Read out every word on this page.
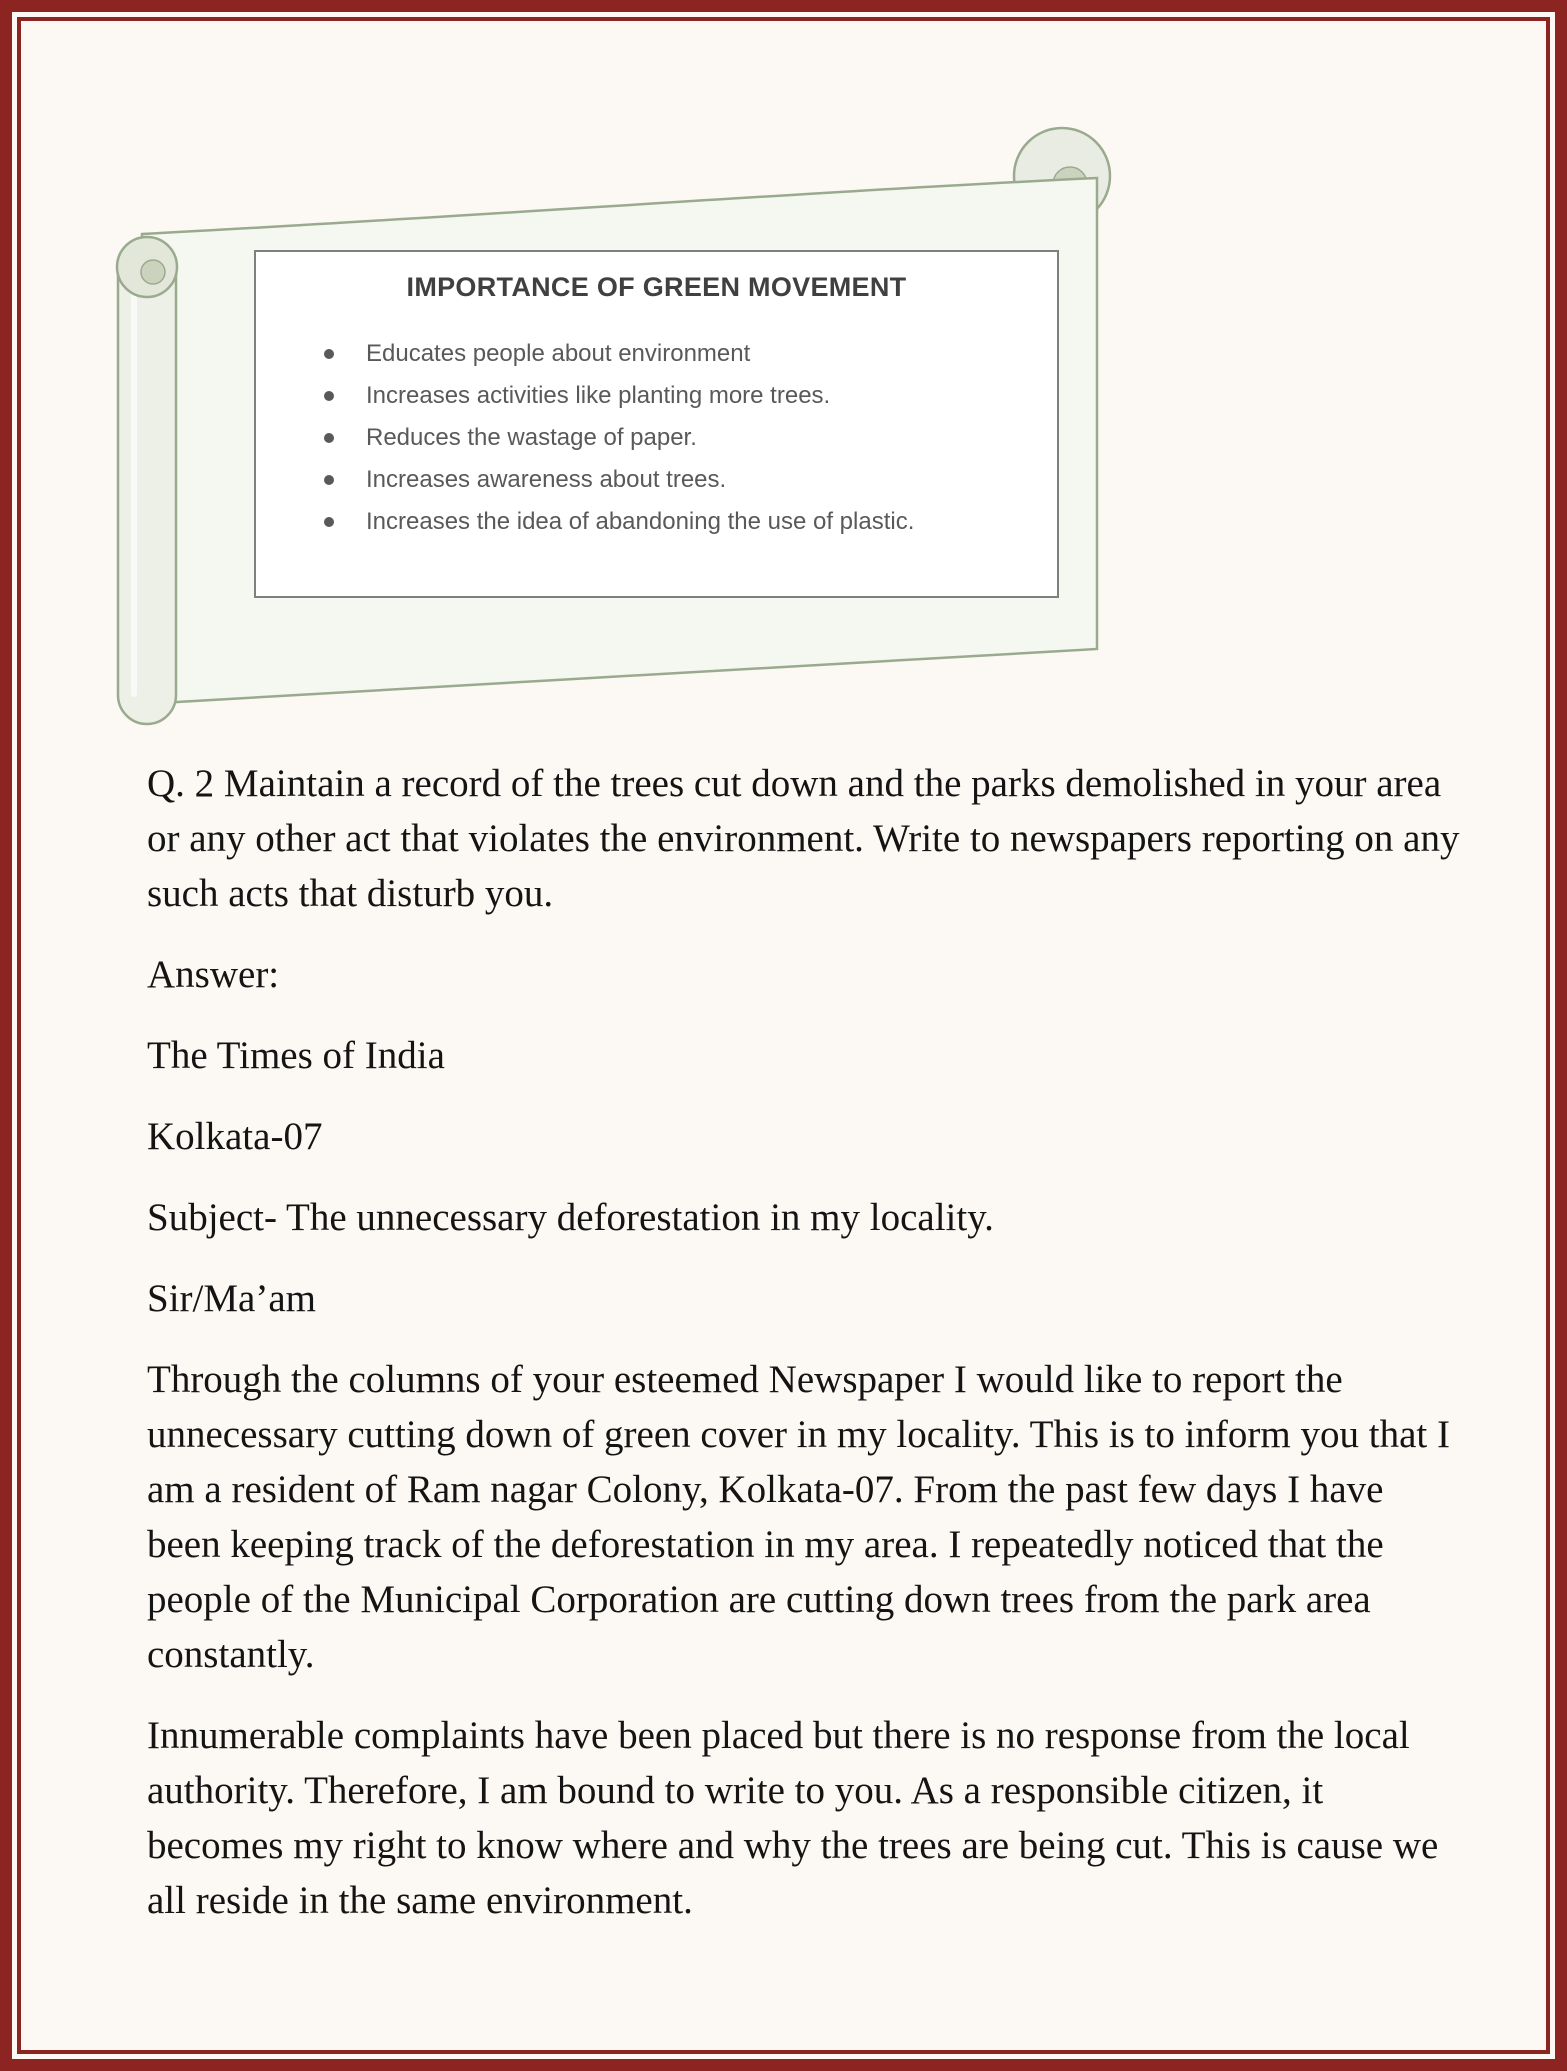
IMPORTANCE OF GREEN MOVEMENT
Educates people about environment
Increases activities like planting more trees.
Reduces the wastage of paper.
Increases awareness about trees.
Increases the idea of abandoning the use of plastic.

Q. 2 Maintain a record of the trees cut down and the parks demolished in your area or any other act that violates the environment. Write to newspapers reporting on any such acts that disturb you.

Answer:

The Times of India

Kolkata-07

Subject- The unnecessary deforestation in my locality.

Sir/Ma’am

Through the columns of your esteemed Newspaper I would like to report the unnecessary cutting down of green cover in my locality. This is to inform you that I am a resident of Ram nagar Colony, Kolkata-07. From the past few days I have been keeping track of the deforestation in my area. I repeatedly noticed that the people of the Municipal Corporation are cutting down trees from the park area constantly.

Innumerable complaints have been placed but there is no response from the local authority. Therefore, I am bound to write to you. As a responsible citizen, it becomes my right to know where and why the trees are being cut. This is cause we all reside in the same environment.
